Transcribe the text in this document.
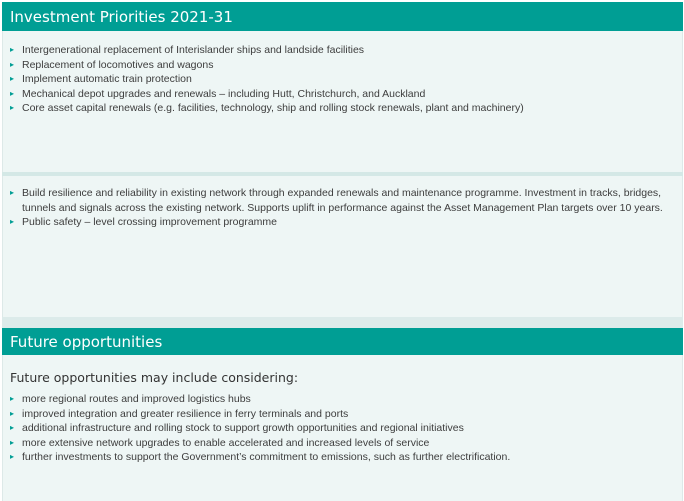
Investment Priorities 2021-31
▸ Intergenerational replacement of Interislander ships and landside facilities
▸ Replacement of locomotives and wagons
▸ Implement automatic train protection
▸ Mechanical depot upgrades and renewals – including Hutt, Christchurch, and Auckland
▸ Core asset capital renewals (e.g. facilities, technology, ship and rolling stock renewals, plant and machinery)
▸ Build resilience and reliability in existing network through expanded renewals and maintenance programme. Investment in tracks, bridges, tunnels and signals across the existing network. Supports uplift in performance against the Asset Management Plan targets over 10 years.
▸ Public safety – level crossing improvement programme
Future opportunities
Future opportunities may include considering:
▸ more regional routes and improved logistics hubs
▸ improved integration and greater resilience in ferry terminals and ports
▸ additional infrastructure and rolling stock to support growth opportunities and regional initiatives
▸ more extensive network upgrades to enable accelerated and increased levels of service
▸ further investments to support the Government’s commitment to emissions, such as further electrification.
